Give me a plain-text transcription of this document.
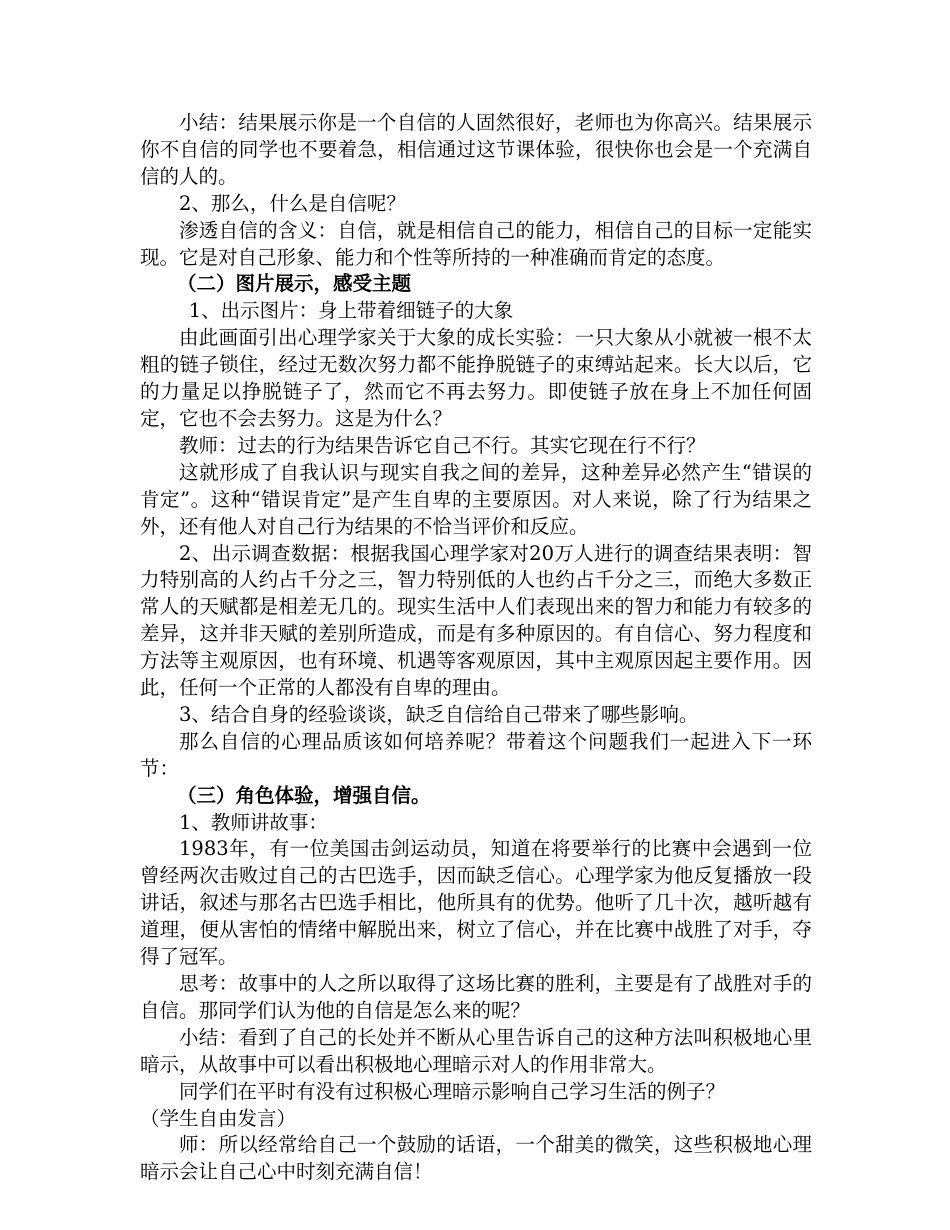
小结：结果展示你是一个自信的人固然很好，老师也为你高兴。结果展示你不自信的同学也不要着急，相信通过这节课体验，很快你也会是一个充满自信的人的。

2、那么，什么是自信呢？

渗透自信的含义：自信，就是相信自己的能力，相信自己的目标一定能实现。它是对自己形象、能力和个性等所持的一种准确而肯定的态度。

（二）图片展示，感受主题

1、出示图片：身上带着细链子的大象

由此画面引出心理学家关于大象的成长实验：一只大象从小就被一根不太粗的链子锁住，经过无数次努力都不能挣脱链子的束缚站起来。长大以后，它的力量足以挣脱链子了，然而它不再去努力。即使链子放在身上不加任何固定，它也不会去努力。这是为什么？

教师：过去的行为结果告诉它自己不行。其实它现在行不行？

这就形成了自我认识与现实自我之间的差异，这种差异必然产生“错误的肯定”。这种“错误肯定”是产生自卑的主要原因。对人来说，除了行为结果之外，还有他人对自己行为结果的不恰当评价和反应。

2、出示调查数据：根据我国心理学家对20万人进行的调查结果表明：智力特别高的人约占千分之三，智力特别低的人也约占千分之三，而绝大多数正常人的天赋都是相差无几的。现实生活中人们表现出来的智力和能力有较多的差异，这并非天赋的差别所造成，而是有多种原因的。有自信心、努力程度和方法等主观原因，也有环境、机遇等客观原因，其中主观原因起主要作用。因此，任何一个正常的人都没有自卑的理由。

3、结合自身的经验谈谈，缺乏自信给自己带来了哪些影响。

那么自信的心理品质该如何培养呢？带着这个问题我们一起进入下一环节：

（三）角色体验，增强自信。

1、教师讲故事：

1983年，有一位美国击剑运动员，知道在将要举行的比赛中会遇到一位曾经两次击败过自己的古巴选手，因而缺乏信心。心理学家为他反复播放一段讲话，叙述与那名古巴选手相比，他所具有的优势。他听了几十次，越听越有道理，便从害怕的情绪中解脱出来，树立了信心，并在比赛中战胜了对手，夺得了冠军。

思考：故事中的人之所以取得了这场比赛的胜利，主要是有了战胜对手的自信。那同学们认为他的自信是怎么来的呢？

小结：看到了自己的长处并不断从心里告诉自己的这种方法叫积极地心里暗示，从故事中可以看出积极地心理暗示对人的作用非常大。

同学们在平时有没有过积极心理暗示影响自己学习生活的例子？

（学生自由发言）

师：所以经常给自己一个鼓励的话语，一个甜美的微笑，这些积极地心理暗示会让自己心中时刻充满自信！
